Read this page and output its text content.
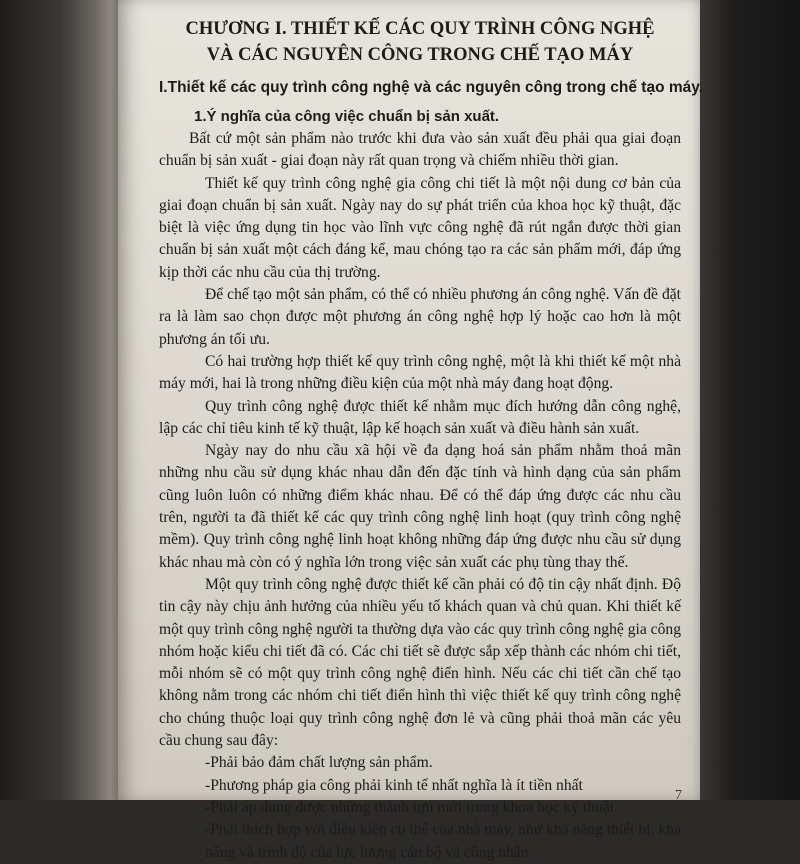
CHƯƠNG I. THIẾT KẾ CÁC QUY TRÌNH CÔNG NGHỆ
VÀ CÁC NGUYÊN CÔNG TRONG CHẾ TẠO MÁY
I.Thiết kế các quy trình công nghệ và các nguyên công trong chế tạo máy.
1.Ý nghĩa của công việc chuẩn bị sản xuất.

Bất cứ một sản phẩm nào trước khi đưa vào sản xuất đều phải qua giai đoạn chuẩn bị sản xuất - giai đoạn này rất quan trọng và chiếm nhiều thời gian.

Thiết kế quy trình công nghệ gia công chi tiết là một nội dung cơ bản của giai đoạn chuẩn bị sản xuất. Ngày nay do sự phát triển của khoa học kỹ thuật, đặc biệt là việc ứng dụng tin học vào lĩnh vực công nghệ đã rút ngắn được thời gian chuẩn bị sản xuất một cách đáng kể, mau chóng tạo ra các sản phẩm mới, đáp ứng kịp thời các nhu cầu của thị trường.

Để chế tạo một sản phẩm, có thể có nhiều phương án công nghệ. Vấn đề đặt ra là làm sao chọn được một phương án công nghệ hợp lý hoặc cao hơn là một phương án tối ưu.

Có hai trường hợp thiết kế quy trình công nghệ, một là khi thiết kế một nhà máy mới, hai là trong những điều kiện của một nhà máy đang hoạt động.

Quy trình công nghệ được thiết kế nhằm mục đích hướng dẫn công nghệ, lập các chỉ tiêu kinh tế kỹ thuật, lập kế hoạch sản xuất và điều hành sản xuất.

Ngày nay do nhu cầu xã hội về đa dạng hoá sản phẩm nhằm thoả mãn những nhu cầu sử dụng khác nhau dẫn đến đặc tính và hình dạng của sản phẩm cũng luôn luôn có những điểm khác nhau. Để có thể đáp ứng được các nhu cầu trên, người ta đã thiết kế các quy trình công nghệ linh hoạt (quy trình công nghệ mềm). Quy trình công nghệ linh hoạt không những đáp ứng được nhu cầu sử dụng khác nhau mà còn có ý nghĩa lớn trong việc sản xuất các phụ tùng thay thế.

Một quy trình công nghệ được thiết kế cần phải có độ tin cậy nhất định. Độ tin cậy này chịu ảnh hưởng của nhiều yếu tố khách quan và chủ quan. Khi thiết kế một quy trình công nghệ người ta thường dựa vào các quy trình công nghệ gia công nhóm hoặc kiểu chi tiết đã có. Các chi tiết sẽ được sắp xếp thành các nhóm chi tiết, mỗi nhóm sẽ có một quy trình công nghệ điển hình. Nếu các chi tiết cần chế tạo không nằm trong các nhóm chi tiết điển hình thì việc thiết kế quy trình công nghệ cho chúng thuộc loại quy trình công nghệ đơn lẻ và cũng phải thoả mãn các yêu cầu chung sau đây:

-Phải bảo đảm chất lượng sản phẩm.
-Phương pháp gia công phải kinh tế nhất nghĩa là ít tiền nhất
-Phải áp dụng được những thành tựu mới trong khoa học kỹ thuật.
-Phải thích hợp với điều kiện cụ thể của nhà máy, như khả năng thiết bị, khả năng và trình độ của lực lượng cán bộ và công nhân.
7
